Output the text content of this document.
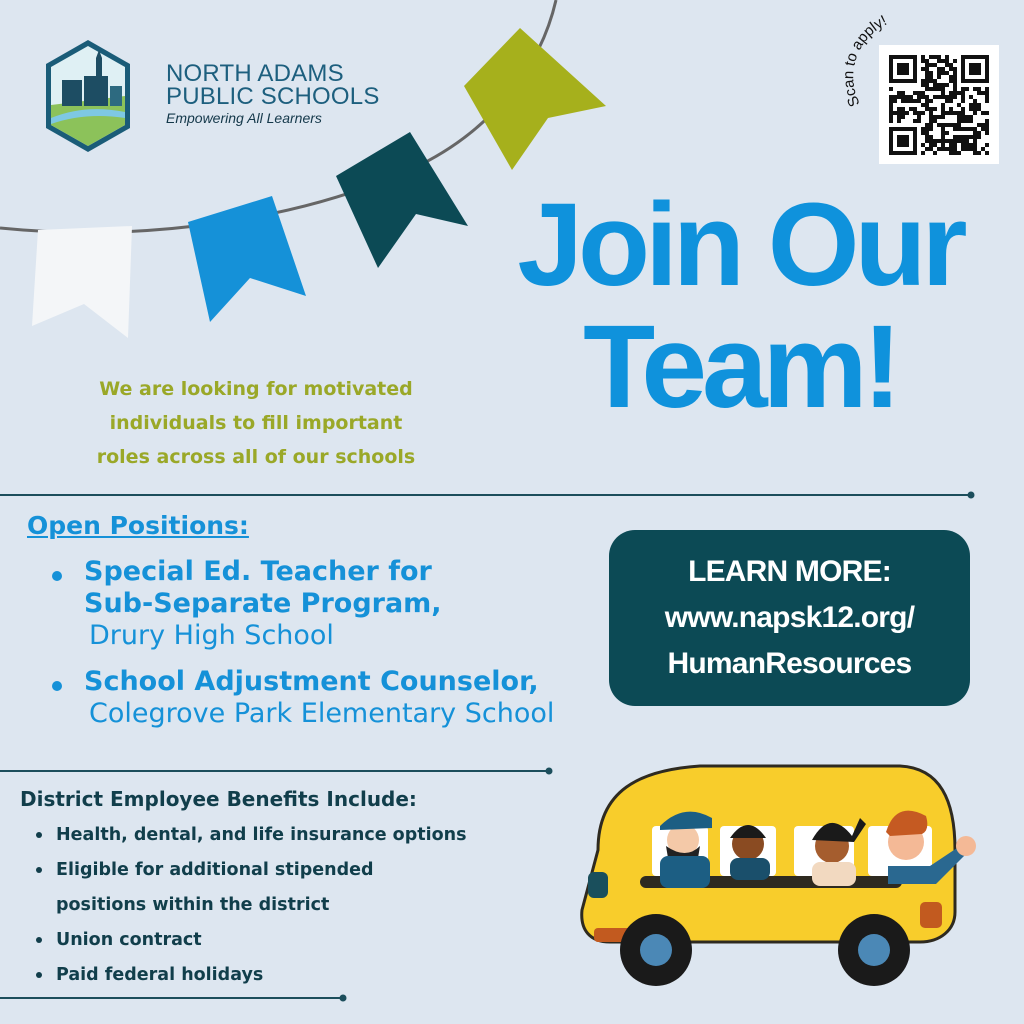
NORTH ADAMS
PUBLIC SCHOOLS
Empowering All Learners
Scan to apply!
Join Our
Team!
We are looking for motivated
individuals to fill important
roles across all of our schools
Open Positions:
Special Ed. Teacher for
Sub-Separate Program,
Drury High School
School Adjustment Counselor,
Colegrove Park Elementary School
LEARN MORE:
www.napsk12.org/
HumanResources
District Employee Benefits Include:
Health, dental, and life insurance options
Eligible for additional stipended
positions within the district
Union contract
Paid federal holidays
